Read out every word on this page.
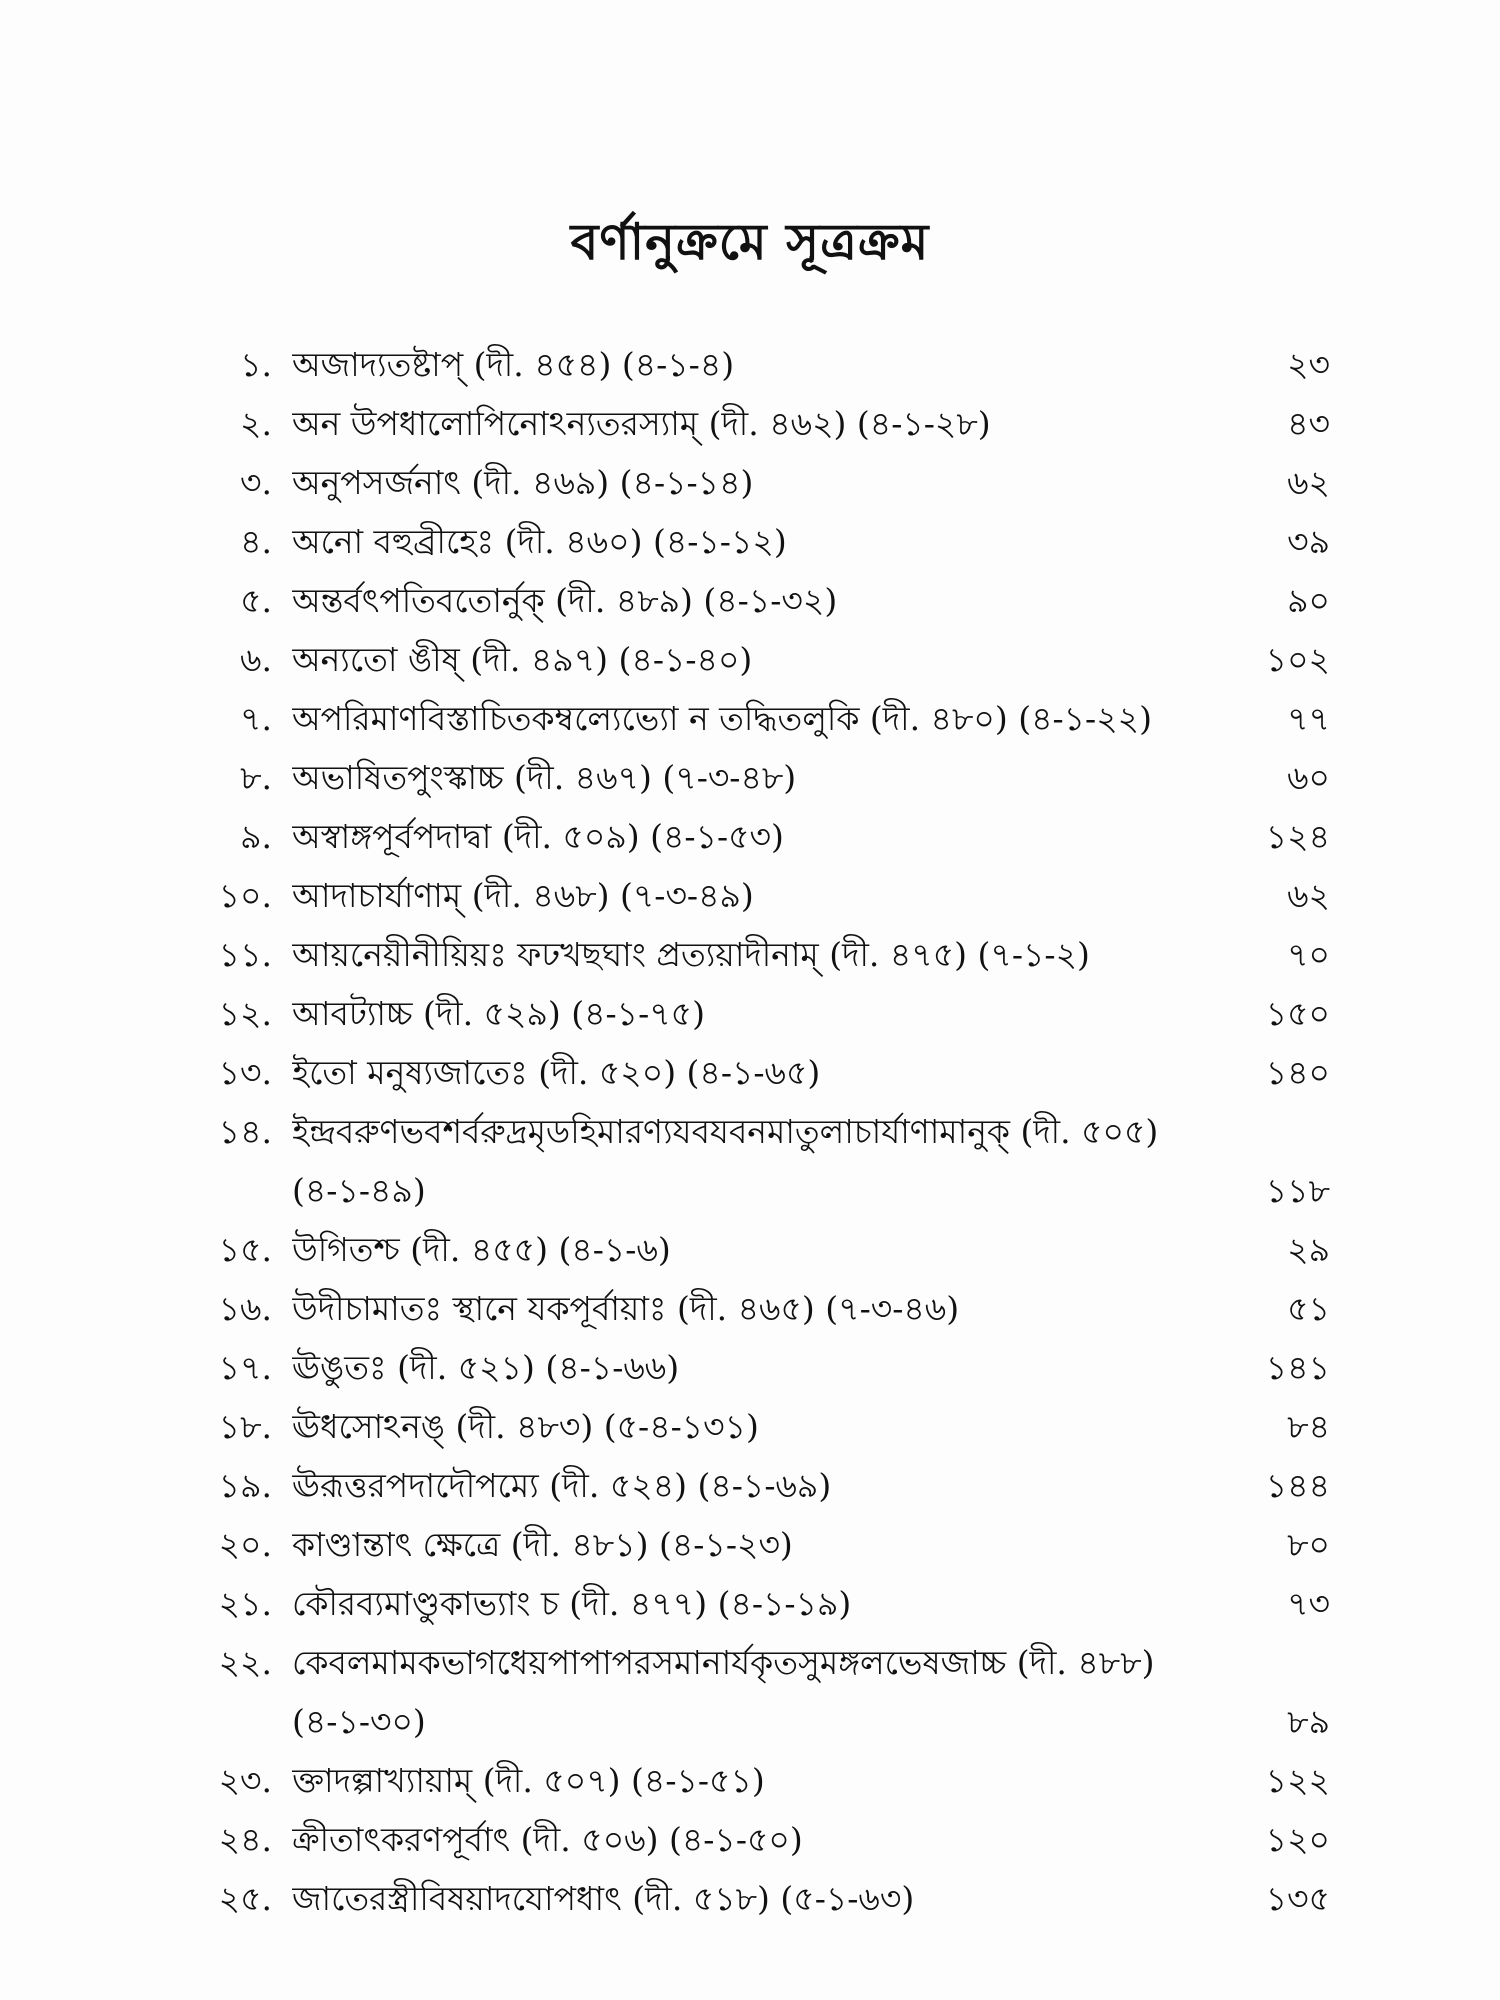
বর্ণানুক্রমে সূত্রক্রম
১. অজাদ্যতষ্টাপ্ (দী. ৪৫৪) (৪-১-৪)	২৩
২. অন উপধালোপিনোঽন্যতরস্যাম্ (দী. ৪৬২) (৪-১-২৮)	৪৩
৩. অনুপসর্জনাৎ (দী. ৪৬৯) (৪-১-১৪)	৬২
৪. অনো বহুব্রীহেঃ (দী. ৪৬০) (৪-১-১২)	৩৯
৫. অন্তর্বৎপতিবতোর্নুক্ (দী. ৪৮৯) (৪-১-৩২)	৯০
৬. অন্যতো ঙীষ্ (দী. ৪৯৭) (৪-১-৪০)	১০২
৭. অপরিমাণবিস্তাচিতকম্বল্যেভ্যো ন তদ্ধিতলুকি (দী. ৪৮০) (৪-১-২২)	৭৭
৮. অভাষিতপুংস্কাচ্চ (দী. ৪৬৭) (৭-৩-৪৮)	৬০
৯. অস্বাঙ্গপূর্বপদাদ্বা (দী. ৫০৯) (৪-১-৫৩)	১২৪
১০. আদাচার্যাণাম্ (দী. ৪৬৮) (৭-৩-৪৯)	৬২
১১. আয়নেয়ীনীয়িয়ঃ ফঢখছঘাং প্রত্যয়াদীনাম্ (দী. ৪৭৫) (৭-১-২)	৭০
১২. আবট্যাচ্চ (দী. ৫২৯) (৪-১-৭৫)	১৫০
১৩. ইতো মনুষ্যজাতেঃ (দী. ৫২০) (৪-১-৬৫)	১৪০
১৪. ইন্দ্রবরুণভবশর্বরুদ্রমৃডহিমারণ্যযবযবনমাতুলাচার্যাণামানুক্ (দী. ৫০৫)
(৪-১-৪৯)	১১৮
১৫. উগিতশ্চ (দী. ৪৫৫) (৪-১-৬)	২৯
১৬. উদীচামাতঃ স্থানে যকপূর্বায়াঃ (দী. ৪৬৫) (৭-৩-৪৬)	৫১
১৭. ঊঙুতঃ (দী. ৫২১) (৪-১-৬৬)	১৪১
১৮. ঊধসোঽনঙ্ (দী. ৪৮৩) (৫-৪-১৩১)	৮৪
১৯. ঊরূত্তরপদাদৌপম্যে (দী. ৫২৪) (৪-১-৬৯)	১৪৪
২০. কাণ্ডান্তাৎ ক্ষেত্রে (দী. ৪৮১) (৪-১-২৩)	৮০
২১. কৌরব্যমাণ্ডুকাভ্যাং চ (দী. ৪৭৭) (৪-১-১৯)	৭৩
২২. কেবলমামকভাগধেয়পাপাপরসমানার্যকৃতসুমঙ্গলভেষজাচ্চ (দী. ৪৮৮)
(৪-১-৩০)	৮৯
২৩. ক্তাদল্পাখ্যায়াম্ (দী. ৫০৭) (৪-১-৫১)	১২২
২৪. ক্রীতাৎকরণপূর্বাৎ (দী. ৫০৬) (৪-১-৫০)	১২০
২৫. জাতেরস্ত্রীবিষয়াদযোপধাৎ (দী. ৫১৮) (৫-১-৬৩)	১৩৫
